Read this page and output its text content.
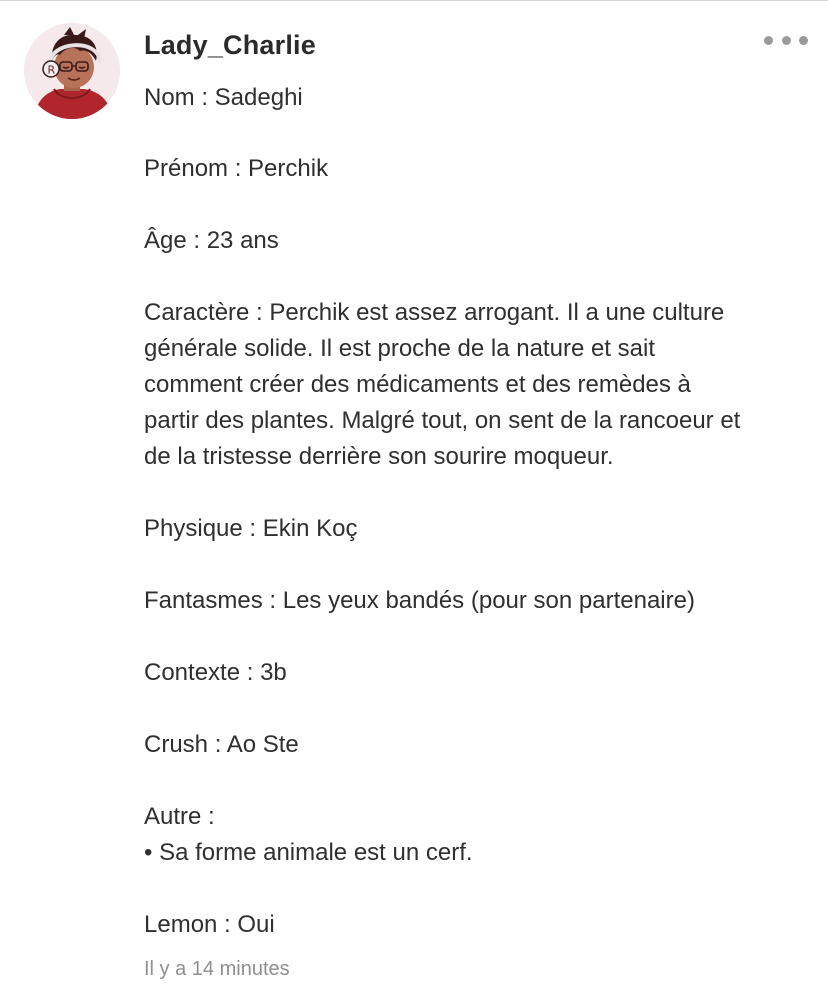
R
Lady_Charlie
Nom : Sadeghi
Prénom : Perchik
Âge : 23 ans
Caractère : Perchik est assez arrogant. Il a une culture
générale solide. Il est proche de la nature et sait
comment créer des médicaments et des remèdes à
partir des plantes. Malgré tout, on sent de la rancoeur et
de la tristesse derrière son sourire moqueur.
Physique : Ekin Koç
Fantasmes : Les yeux bandés (pour son partenaire)
Contexte : 3b
Crush : Ao Ste
Autre :
• Sa forme animale est un cerf.
Lemon : Oui
Il y a 14 minutes
